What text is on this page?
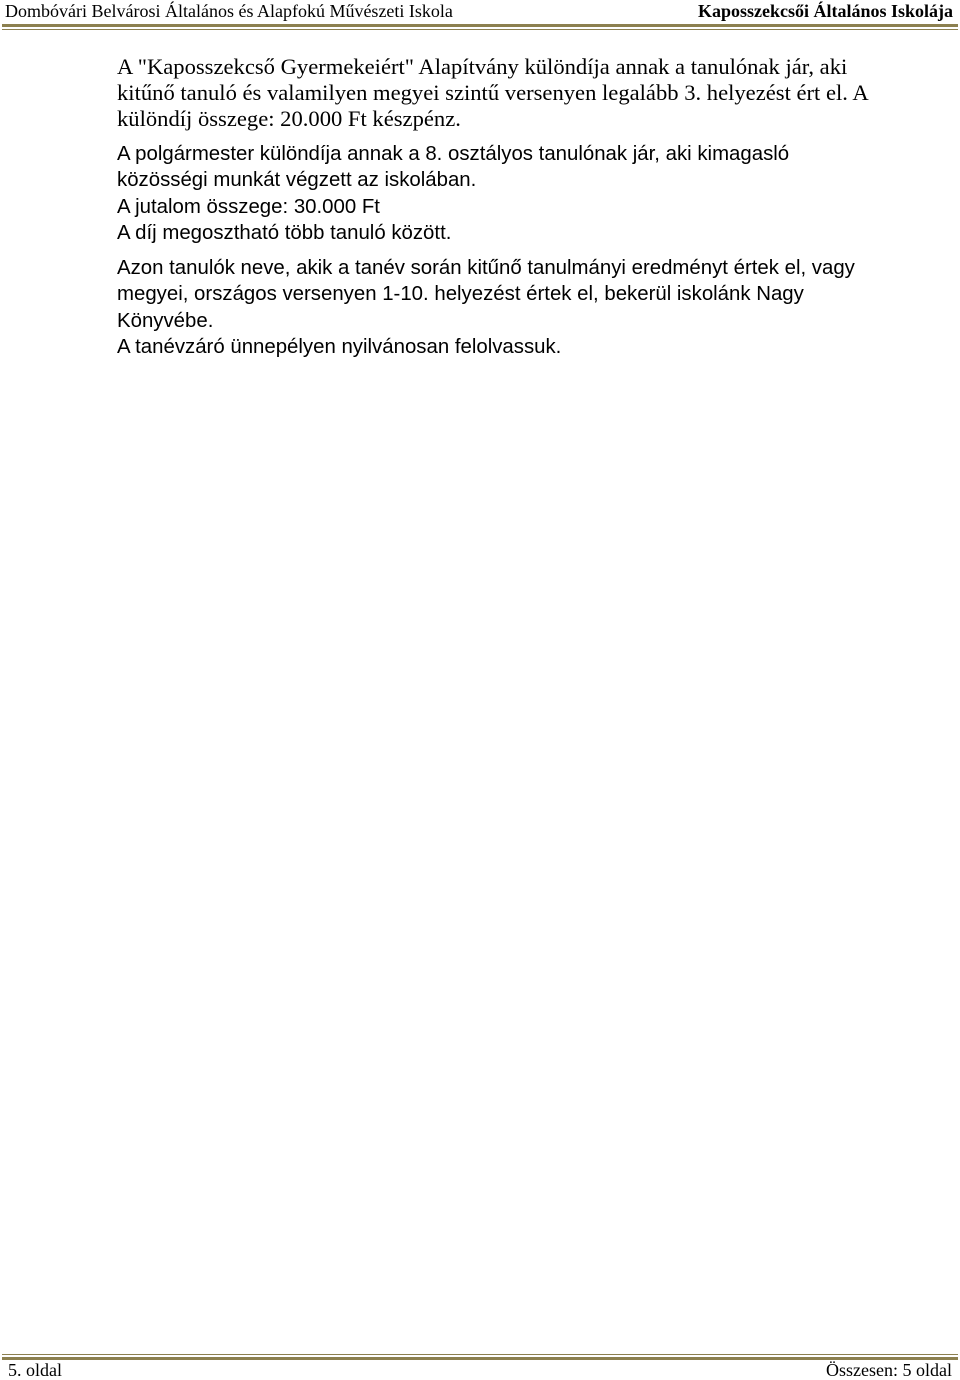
Dombóvári Belvárosi Általános és Alapfokú Művészeti Iskola	Kaposszekcsői Általános Iskolája
A "Kaposszekcső Gyermekeiért" Alapítvány különdíja annak a tanulónak jár, aki
kitűnő tanuló és valamilyen megyei szintű versenyen legalább 3. helyezést ért el. A
különdíj összege: 20.000 Ft készpénz.
A polgármester különdíja annak a 8. osztályos tanulónak jár, aki kimagasló
közösségi munkát végzett az iskolában.
A jutalom összege: 30.000 Ft
A díj megosztható több tanuló között.
Azon tanulók neve, akik a tanév során kitűnő tanulmányi eredményt értek el, vagy
megyei, országos versenyen 1-10. helyezést értek el, bekerül iskolánk Nagy
Könyvébe.
A tanévzáró ünnepélyen nyilvánosan felolvassuk.
5. oldal	Összesen: 5 oldal
